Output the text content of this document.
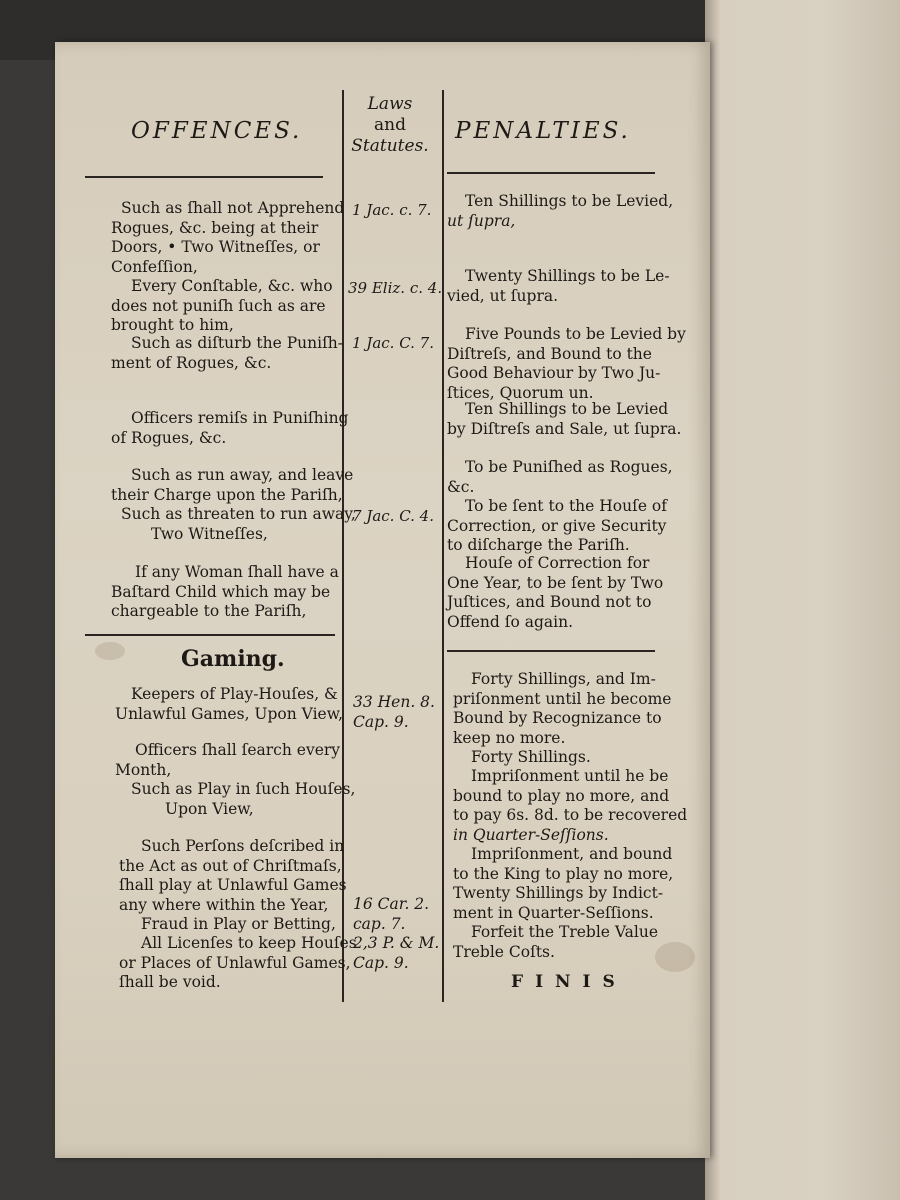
OFFENCES.
Laws
and
Statutes.
PENALTIES.
Such as ſhall not Apprehend
Rogues, &c. being at their
Doors, • Two Witneſſes, or
Confeſſion,
Every Conſtable, &c. who
does not puniſh ſuch as are
brought to him,
Such as diſturb the Puniſh-
ment of Rogues, &c.
Officers remiſs in Puniſhing
of Rogues, &c.
Such as run away, and leave
their Charge upon the Pariſh,
Such as threaten to run away,
Two Witneſſes,
If any Woman ſhall have a
Baſtard Child which may be
chargeable to the Pariſh,
1 Jac. c. 7.
39 Eliz. c. 4.
1 Jac. C. 7.
7 Jac. C. 4.
Ten Shillings to be Levied,
ut ſupra,
Twenty Shillings to be Le-
vied, ut ſupra.
Five Pounds to be Levied by
Diſtreſs, and Bound to the
Good Behaviour by Two Ju-
ſtices, Quorum un.
Ten Shillings to be Levied
by Diſtreſs and Sale, ut ſupra.
To be Puniſhed as Rogues,
&c.
To be ſent to the Houſe of
Correction, or give Security
to diſcharge the Pariſh.
Houſe of Correction for
One Year, to be ſent by Two
Juſtices, and Bound not to
Offend ſo again.
Gaming.
Keepers of Play-Houſes, &
Unlawful Games, Upon View,
Officers ſhall ſearch every
Month,
Such as Play in ſuch Houſes,
Upon View,
Such Perſons deſcribed in
the Act as out of Chriſtmaſs,
ſhall play at Unlawful Games
any where within the Year,
Fraud in Play or Betting,
All Licenſes to keep Houſes
or Places of Unlawful Games,
ſhall be void.
33 Hen. 8.
Cap. 9.
16 Car. 2.
cap. 7.
2,3 P. & M.
Cap. 9.
Forty Shillings, and Im-
priſonment until he become
Bound by Recognizance to
keep no more.
Forty Shillings.
Impriſonment until he be
bound to play no more, and
to pay 6s. 8d. to be recovered
in Quarter-Seſſions.
Impriſonment, and bound
to the King to play no more,
Twenty Shillings by Indict-
ment in Quarter-Seſſions.
Forfeit the Treble Value
Treble Coſts.
FINIS
